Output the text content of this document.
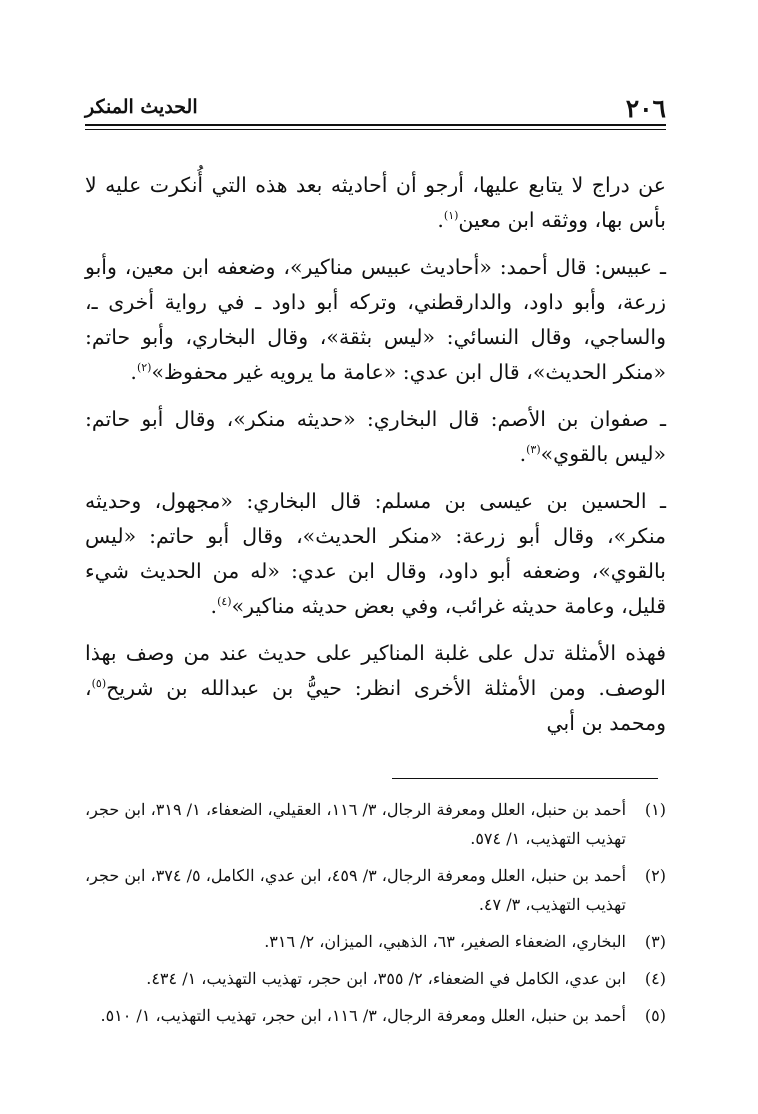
٢٠٦
الحديث المنكر

عن دراج لا يتابع عليها، أرجو أن أحاديثه بعد هذه التي أُنكرت عليه لا بأس بها، ووثقه ابن معين$^{(١)}$.

ـ عبيس: قال أحمد: «أحاديث عبيس مناكير»، وضعفه ابن معين، وأبو زرعة، وأبو داود، والدارقطني، وتركه أبو داود ـ في رواية أخرى ـ، والساجي، وقال النسائي: «ليس بثقة»، وقال البخاري، وأبو حاتم: «منكر الحديث»، قال ابن عدي: «عامة ما يرويه غير محفوظ»$^{(٢)}$.

ـ صفوان بن الأصم: قال البخاري: «حديثه منكر»، وقال أبو حاتم: «ليس بالقوي»$^{(٣)}$.

ـ الحسين بن عيسى بن مسلم: قال البخاري: «مجهول، وحديثه منكر»، وقال أبو زرعة: «منكر الحديث»، وقال أبو حاتم: «ليس بالقوي»، وضعفه أبو داود، وقال ابن عدي: «له من الحديث شيء قليل، وعامة حديثه غرائب، وفي بعض حديثه مناكير»$^{(٤)}$.

فهذه الأمثلة تدل على غلبة المناكير على حديث عند من وصف بهذا الوصف. ومن الأمثلة الأخرى انظر: حييُّ بن عبدالله بن شريح$^{(٥)}$، ومحمد بن أبي

(١)
أحمد بن حنبل، العلل ومعرفة الرجال، ٣/ ١١٦، العقيلي، الضعفاء، ١/ ٣١٩، ابن حجر، تهذيب التهذيب، ١/ ٥٧٤.
(٢)
أحمد بن حنبل، العلل ومعرفة الرجال، ٣/ ٤٥٩، ابن عدي، الكامل، ٥/ ٣٧٤، ابن حجر، تهذيب التهذيب، ٣/ ٤٧.
(٣)
البخاري، الضعفاء الصغير، ٦٣، الذهبي، الميزان، ٢/ ٣١٦.
(٤)
ابن عدي، الكامل في الضعفاء، ٢/ ٣٥٥، ابن حجر، تهذيب التهذيب، ١/ ٤٣٤.
(٥)
أحمد بن حنبل، العلل ومعرفة الرجال، ٣/ ١١٦، ابن حجر، تهذيب التهذيب، ١/ ٥١٠.
